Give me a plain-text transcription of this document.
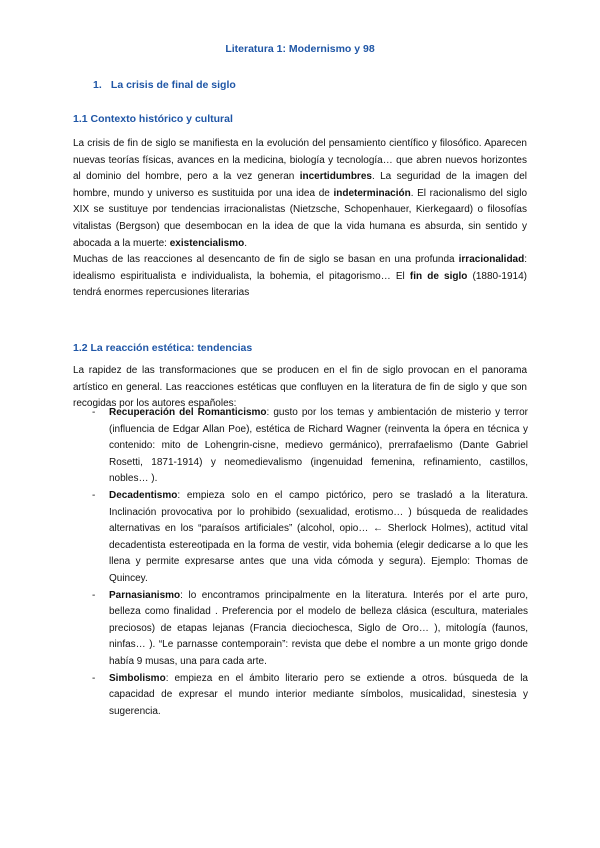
Literatura 1: Modernismo y 98
1. La crisis de final de siglo
1.1 Contexto histórico y cultural

La crisis de fin de siglo se manifiesta en la evolución del pensamiento científico y filosófico. Aparecen nuevas teorías físicas, avances en la medicina, biología y tecnología… que abren nuevos horizontes al dominio del hombre, pero a la vez generan incertidumbres. La seguridad de la imagen del hombre, mundo y universo es sustituida por una idea de indeterminación. El racionalismo del siglo XIX se sustituye por tendencias irracionalistas (Nietzsche, Schopenhauer, Kierkegaard) o filosofías vitalistas (Bergson) que desembocan en la idea de que la vida humana es absurda, sin sentido y abocada a la muerte: existencialismo.

Muchas de las reacciones al desencanto de fin de siglo se basan en una profunda irracionalidad: idealismo espiritualista e individualista, la bohemia, el pitagorismo… El fin de siglo (1880-1914) tendrá enormes repercusiones literarias

1.2 La reacción estética: tendencias
La rapidez de las transformaciones que se producen en el fin de siglo provocan en el panorama artístico en general. Las reacciones estéticas que confluyen en la literatura de fin de siglo y que son recogidas por los autores españoles:
- Recuperación del Romanticismo: gusto por los temas y ambientación de misterio y terror (influencia de Edgar Allan Poe), estética de Richard Wagner (reinventa la ópera en técnica y contenido: mito de Lohengrin-cisne, medievo germánico), prerrafaelismo (Dante Gabriel Rosetti, 1871-1914) y neomedievalismo (ingenuidad femenina, refinamiento, castillos, nobles… ).
- Decadentismo: empieza solo en el campo pictórico, pero se trasladó a la literatura. Inclinación provocativa por lo prohibido (sexualidad, erotismo… ) búsqueda de realidades alternativas en los “paraísos artificiales” (alcohol, opio… ← Sherlock Holmes), actitud vital decadentista estereotipada en la forma de vestir, vida bohemia (elegir dedicarse a lo que les llena y permite expresarse antes que una vida cómoda y segura). Ejemplo: Thomas de Quincey.
- Parnasianismo: lo encontramos principalmente en la literatura. Interés por el arte puro, belleza como finalidad . Preferencia por el modelo de belleza clásica (escultura, materiales preciosos) de etapas lejanas (Francia dieciochesca, Siglo de Oro… ), mitología (faunos, ninfas… ). “Le parnasse contemporain”: revista que debe el nombre a un monte grigo donde había 9 musas, una para cada arte.
- Simbolismo: empieza en el ámbito literario pero se extiende a otros. búsqueda de la capacidad de expresar el mundo interior mediante símbolos, musicalidad, sinestesia y sugerencia.
